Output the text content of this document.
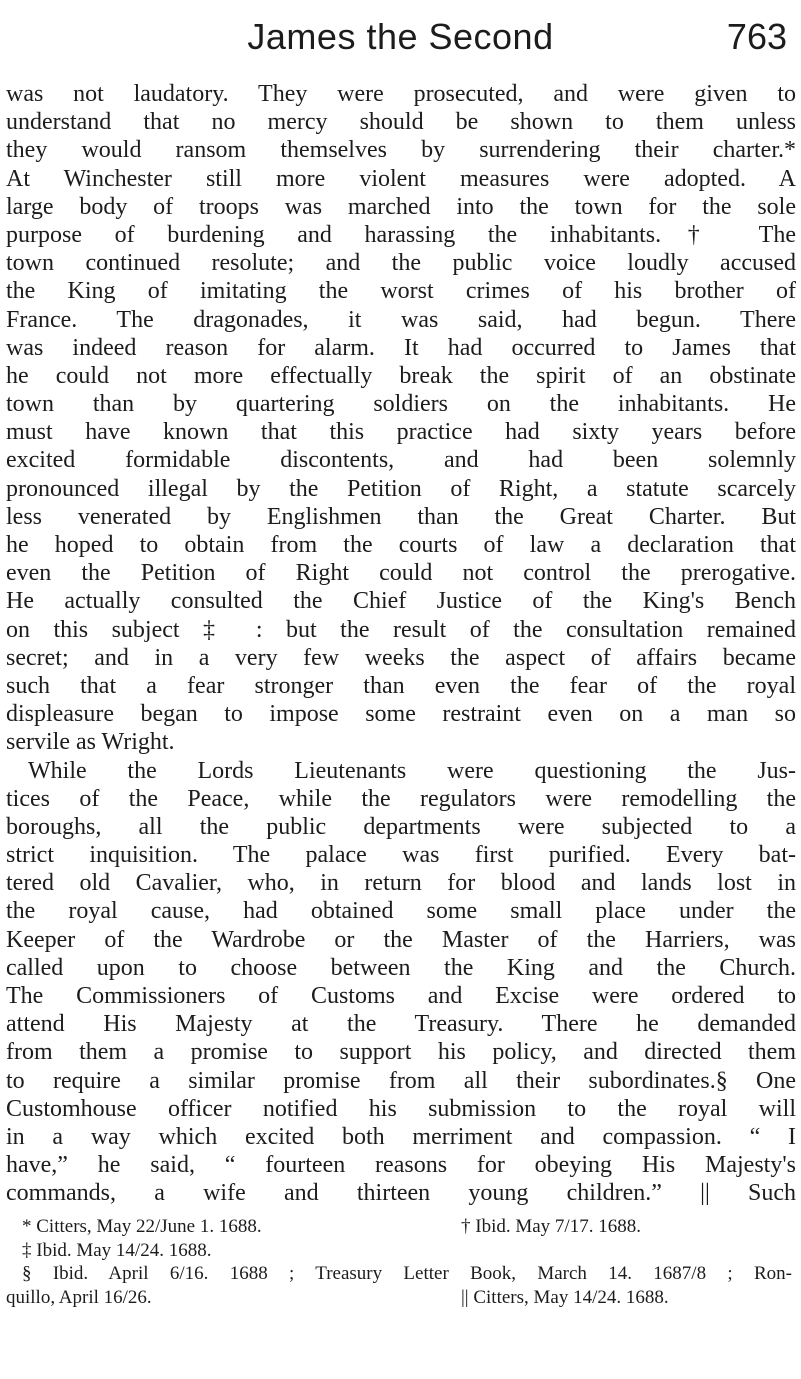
James the Second	763
was not laudatory. They were prosecuted, and were given to
understand that no mercy should be shown to them unless
they would ransom themselves by surrendering their charter.*
At Winchester still more violent measures were adopted. A
large body of troops was marched into the town for the sole
purpose of burdening and harassing the inhabitants.† The
town continued resolute; and the public voice loudly accused
the King of imitating the worst crimes of his brother of
France. The dragonades, it was said, had begun. There
was indeed reason for alarm. It had occurred to James that
he could not more effectually break the spirit of an obstinate
town than by quartering soldiers on the inhabitants. He
must have known that this practice had sixty years before
excited formidable discontents, and had been solemnly
pronounced illegal by the Petition of Right, a statute scarcely
less venerated by Englishmen than the Great Charter. But
he hoped to obtain from the courts of law a declaration that
even the Petition of Right could not control the prerogative.
He actually consulted the Chief Justice of the King's Bench
on this subject ‡ : but the result of the consultation remained
secret; and in a very few weeks the aspect of affairs became
such that a fear stronger than even the fear of the royal
displeasure began to impose some restraint even on a man so
servile as Wright.
While the Lords Lieutenants were questioning the Jus-
tices of the Peace, while the regulators were remodelling the
boroughs, all the public departments were subjected to a
strict inquisition. The palace was first purified. Every bat-
tered old Cavalier, who, in return for blood and lands lost in
the royal cause, had obtained some small place under the
Keeper of the Wardrobe or the Master of the Harriers, was
called upon to choose between the King and the Church.
The Commissioners of Customs and Excise were ordered to
attend His Majesty at the Treasury. There he demanded
from them a promise to support his policy, and directed them
to require a similar promise from all their subordinates.§ One
Customhouse officer notified his submission to the royal will
in a way which excited both merriment and compassion. “ I
have,” he said, “ fourteen reasons for obeying His Majesty's
commands, a wife and thirteen young children.” || Such
* Citters, May 22/June 1. 1688.	† Ibid. May 7/17. 1688.
‡ Ibid. May 14/24. 1688.
§ Ibid. April 6/16. 1688 ; Treasury Letter Book, March 14. 1687/8 ; Ron-
quillo, April 16/26.	|| Citters, May 14/24. 1688.
